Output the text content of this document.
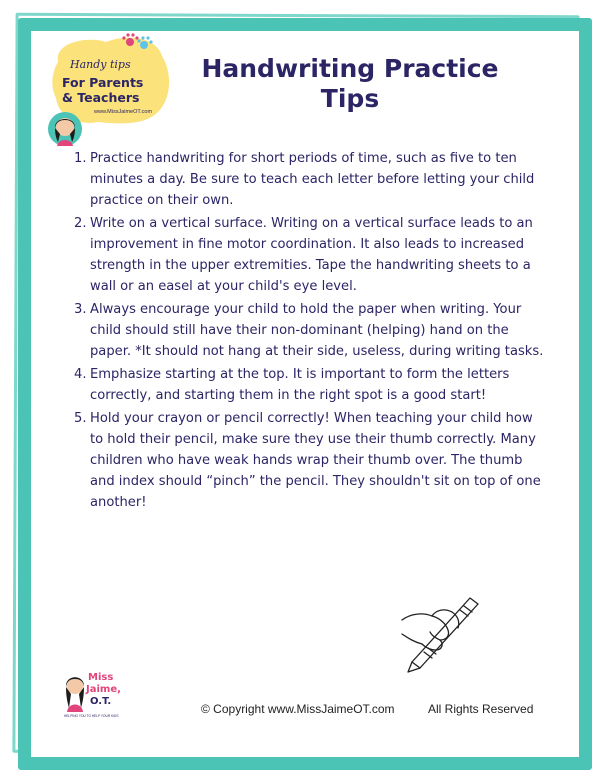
Handy tips
For Parents
& Teachers
www.MissJaimeOT.com
Handwriting Practice Tips
1. Practice handwriting for short periods of time, such as five to ten minutes a day. Be sure to teach each letter before letting your child practice on their own.
2. Write on a vertical surface. Writing on a vertical surface leads to an improvement in fine motor coordination. It also leads to increased strength in the upper extremities. Tape the handwriting sheets to a wall or an easel at your child's eye level.
3. Always encourage your child to hold the paper when writing. Your child should still have their non-dominant (helping) hand on the paper. *It should not hang at their side, useless, during writing tasks.
4. Emphasize starting at the top. It is important to form the letters correctly, and starting them in the right spot is a good start!
5. Hold your crayon or pencil correctly! When teaching your child how to hold their pencil, make sure they use their thumb correctly. Many children who have weak hands wrap their thumb over. The thumb and index should “pinch” the pencil. They shouldn't sit on top of one another!
Miss
Jaime,
O.T.
HELPING YOU TO HELP YOUR KIDS	© Copyright www.MissJaimeOT.com	All Rights Reserved
